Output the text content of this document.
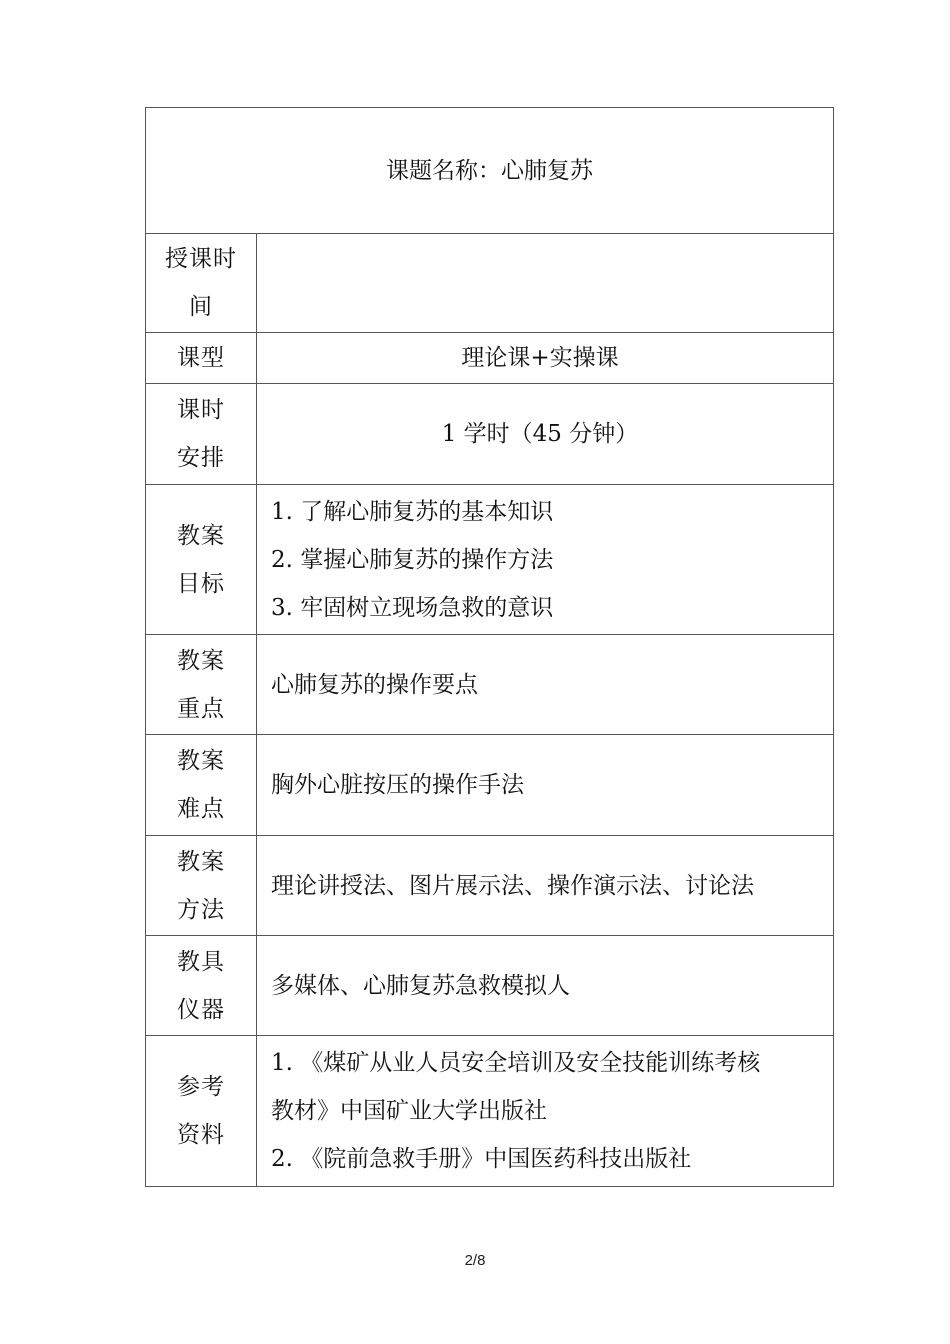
课题名称：心肺复苏	

授课时
间	

课型	理论课+实操课

课时
安排	1 学时（45 分钟）

教案
目标	1. 了解心肺复苏的基本知识
2. 掌握心肺复苏的操作方法
3. 牢固树立现场急救的意识

教案
重点	心肺复苏的操作要点

教案
难点	胸外心脏按压的操作手法

教案
方法	理论讲授法、图片展示法、操作演示法、讨论法

教具
仪器	多媒体、心肺复苏急救模拟人

参考
资料	1. 《煤矿从业人员安全培训及安全技能训练考核
教材》中国矿业大学出版社
2. 《院前急救手册》中国医药科技出版社
2/8
